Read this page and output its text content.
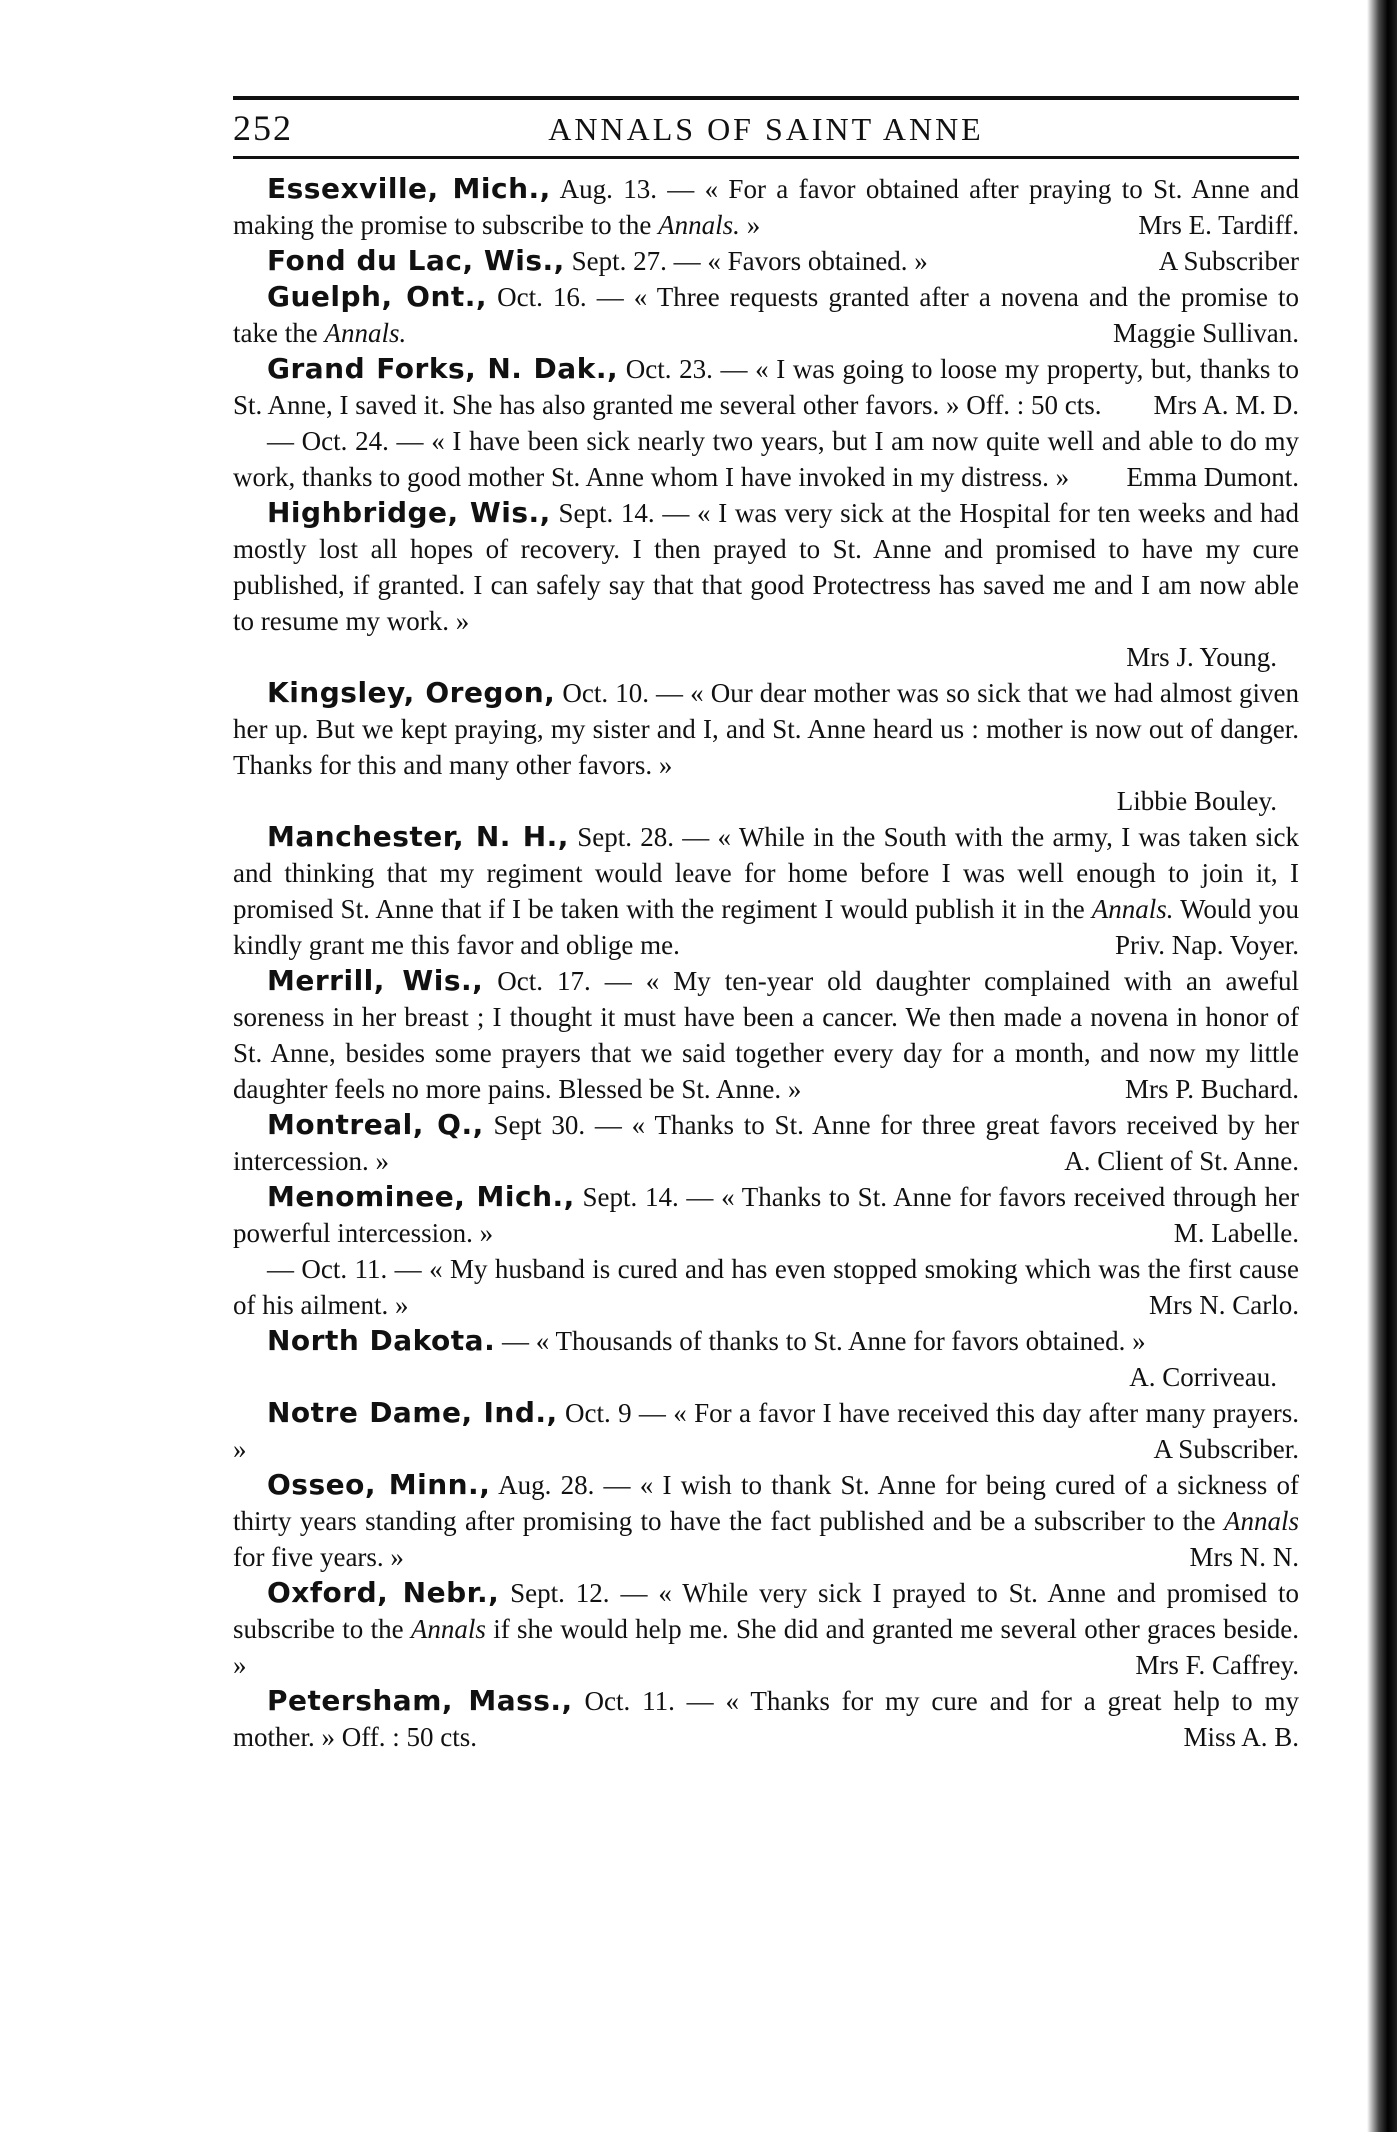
252	ANNALS OF SAINT ANNE

Essexville, Mich., Aug. 13. — « For a favor obtained after praying to St. Anne and making the promise to subscribe to the Annals. »	Mrs E. Tardiff.

Fond du Lac, Wis., Sept. 27. — « Favors obtained. »	A Subscriber

Guelph, Ont., Oct. 16. — « Three requests granted after a novena and the promise to take the Annals.	Maggie Sullivan.

Grand Forks, N. Dak., Oct. 23. — « I was going to loose my property, but, thanks to St. Anne, I saved it. She has also granted me several other favors. » Off. : 50 cts. Mrs A. M. D.

— Oct. 24. — « I have been sick nearly two years, but I am now quite well and able to do my work, thanks to good mother St. Anne whom I have invoked in my distress. » Emma Dumont.

Highbridge, Wis., Sept. 14. — « I was very sick at the Hospital for ten weeks and had mostly lost all hopes of recovery. I then prayed to St. Anne and promised to have my cure published, if granted. I can safely say that that good Protectress has saved me and I am now able to resume my work. »

Mrs J. Young.

Kingsley, Oregon, Oct. 10. — « Our dear mother was so sick that we had almost given her up. But we kept praying, my sister and I, and St. Anne heard us : mother is now out of danger. Thanks for this and many other favors. »

Libbie Bouley.

Manchester, N. H., Sept. 28. — « While in the South with the army, I was taken sick and thinking that my regiment would leave for home before I was well enough to join it, I promised St. Anne that if I be taken with the regiment I would publish it in the Annals. Would you kindly grant me this favor and oblige me.	Priv. Nap. Voyer.

Merrill, Wis., Oct. 17. — « My ten-year old daughter complained with an aweful soreness in her breast ; I thought it must have been a cancer. We then made a novena in honor of St. Anne, besides some prayers that we said together every day for a month, and now my little daughter feels no more pains. Blessed be St. Anne. »	Mrs P. Buchard.

Montreal, Q., Sept 30. — « Thanks to St. Anne for three great favors received by her intercession. »	A. Client of St. Anne.

Menominee, Mich., Sept. 14. — « Thanks to St. Anne for favors received through her powerful intercession. »	M. Labelle.

— Oct. 11. — « My husband is cured and has even stopped smoking which was the first cause of his ailment. »	Mrs N. Carlo.

North Dakota. — « Thousands of thanks to St. Anne for favors obtained. »

A. Corriveau.

Notre Dame, Ind., Oct. 9 — « For a favor I have received this day after many prayers. »	A Subscriber.

Osseo, Minn., Aug. 28. — « I wish to thank St. Anne for being cured of a sickness of thirty years standing after promising to have the fact published and be a subscriber to the Annals for five years. »	Mrs N. N.

Oxford, Nebr., Sept. 12. — « While very sick I prayed to St. Anne and promised to subscribe to the Annals if she would help me. She did and granted me several other graces beside. »	Mrs F. Caffrey.

Petersham, Mass., Oct. 11. — « Thanks for my cure and for a great help to my mother. » Off. : 50 cts.	Miss A. B.
